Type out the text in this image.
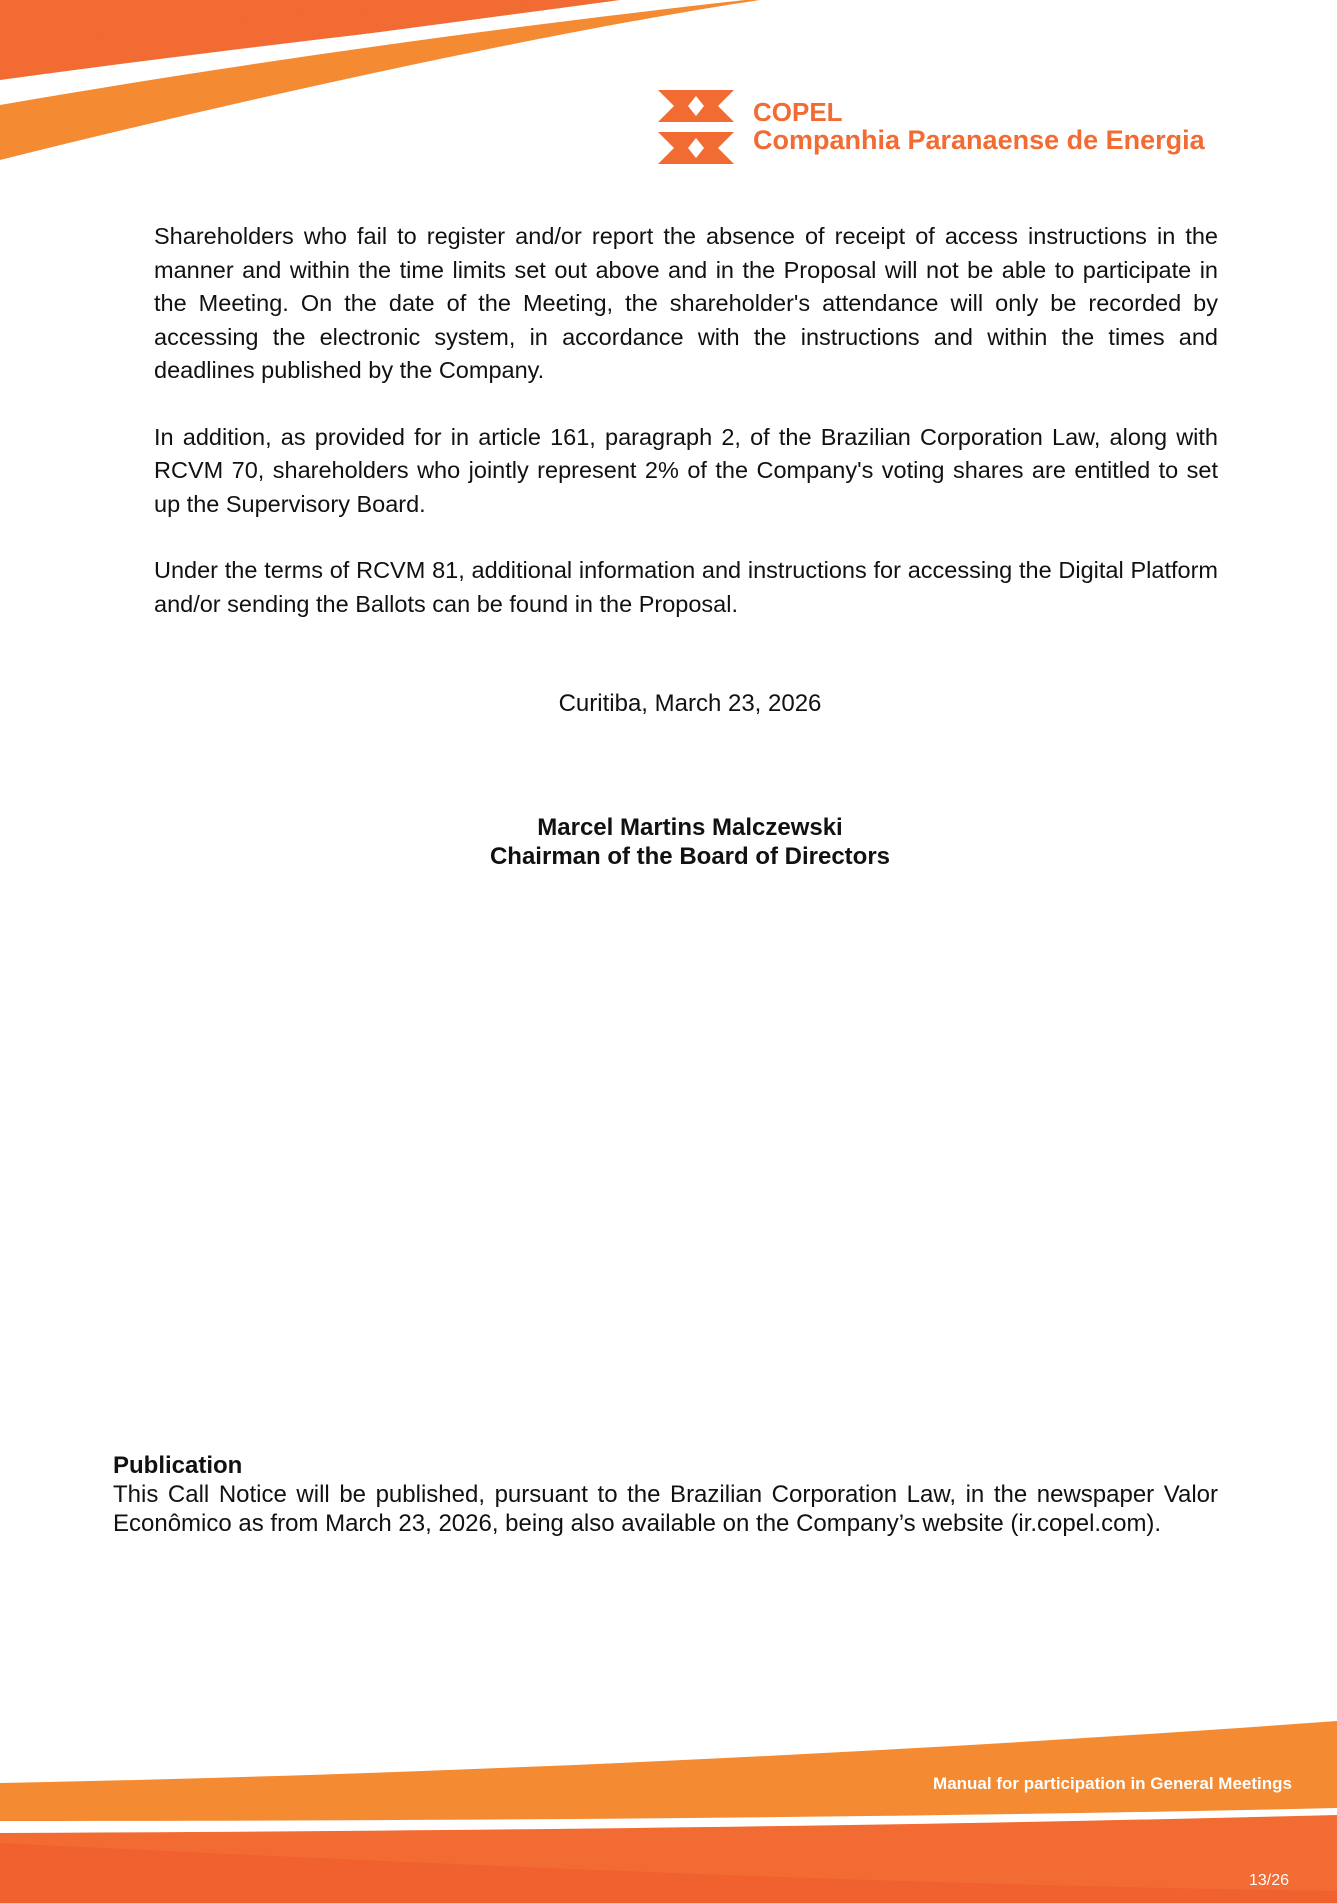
COPEL
Companhia Paranaense de Energia

Shareholders who fail to register and/or report the absence of receipt of access instructions in the manner and within the time limits set out above and in the Proposal will not be able to participate in the Meeting. On the date of the Meeting, the shareholder's attendance will only be recorded by accessing the electronic system, in accordance with the instructions and within the times and deadlines published by the Company.

In addition, as provided for in article 161, paragraph 2, of the Brazilian Corporation Law, along with RCVM 70, shareholders who jointly represent 2% of the Company's voting shares are entitled to set up the Supervisory Board.

Under the terms of RCVM 81, additional information and instructions for accessing the Digital Platform and/or sending the Ballots can be found in the Proposal.

Curitiba, March 23, 2026
Marcel Martins Malczewski
Chairman of the Board of Directors
Publication
This Call Notice will be published, pursuant to the Brazilian Corporation Law, in the newspaper Valor Econômico as from March 23, 2026, being also available on the Company’s website (ir.copel.com).
Manual for participation in General Meetings
13/26
